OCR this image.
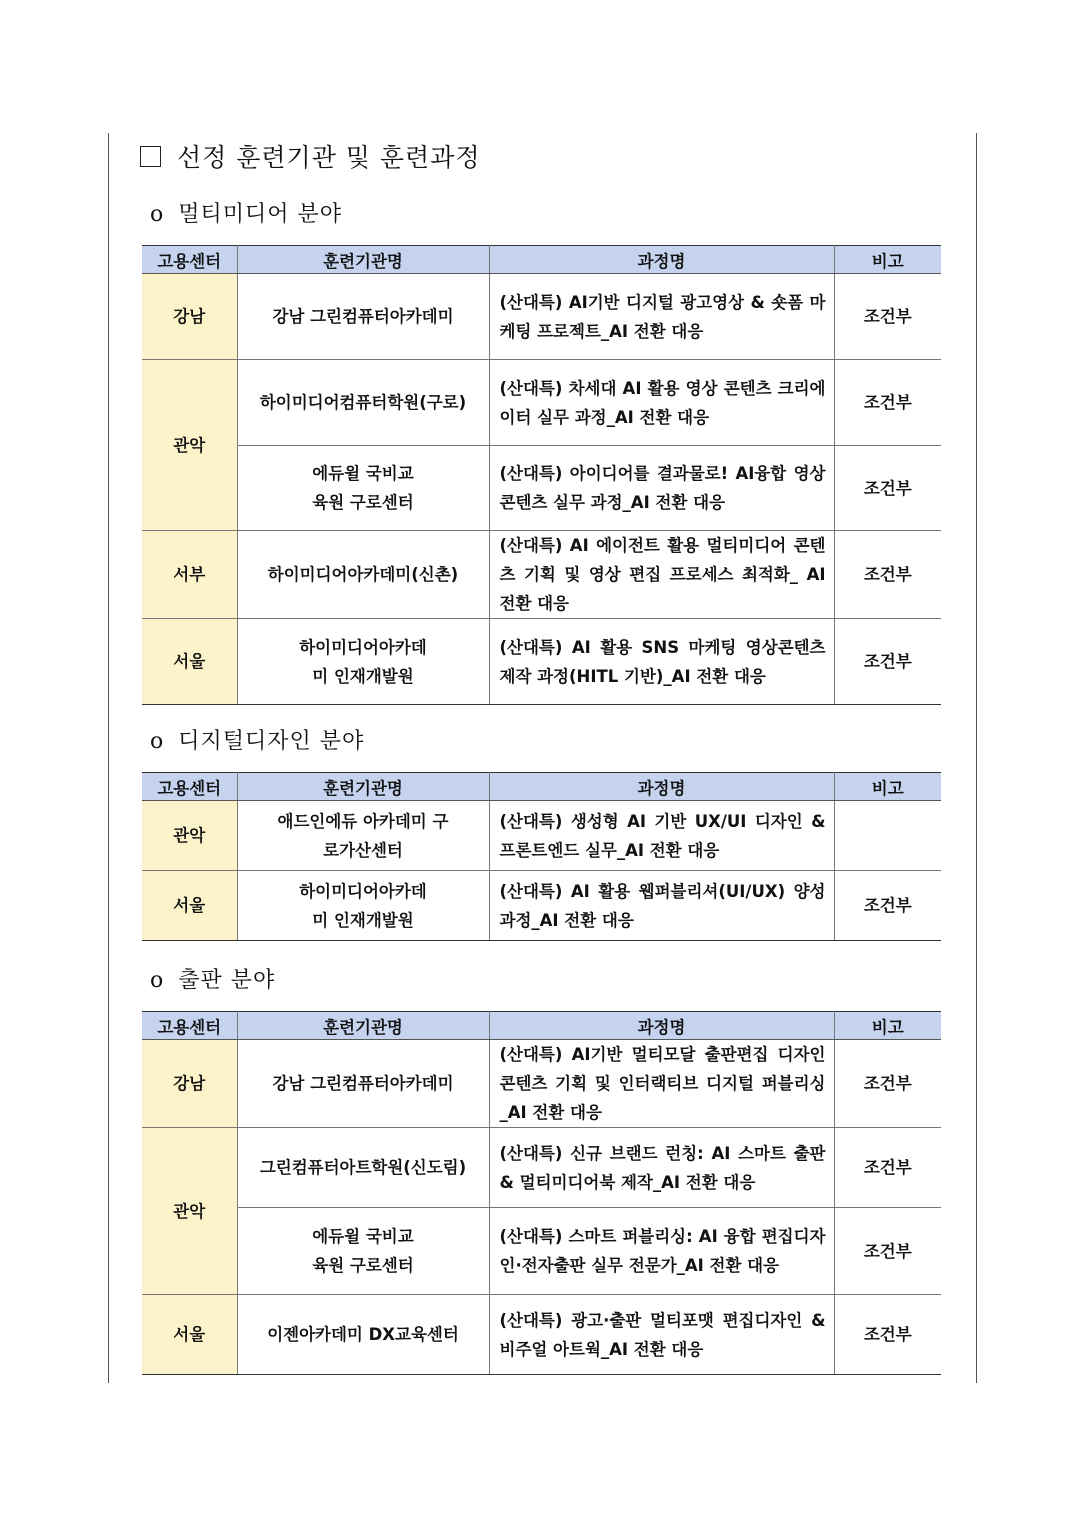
선정 훈련기관 및 훈련과정
o 멀티미디어 분야
고용센터	훈련기관명	과정명	비고
강남	강남 그린컴퓨터아카데미	(산대특) AI기반 디지털 광고영상 & 숏폼 마케팅 프로젝트_AI 전환 대응	조건부
관악	하이미디어컴퓨터학원(구로)	(산대특) 차세대 AI 활용 영상 콘텐츠 크리에이터 실무 과정_AI 전환 대응	조건부
	에듀윌 국비교육원 구로센터	(산대특) 아이디어를 결과물로! AI융합 영상콘텐츠 실무 과정_AI 전환 대응	조건부
서부	하이미디어아카데미(신촌)	(산대특) AI 에이전트 활용 멀티미디어 콘텐츠 기획 및 영상 편집 프로세스 최적화_ AI 전환 대응	조건부
서울	하이미디어아카데미 인재개발원	(산대특) AI 활용 SNS 마케팅 영상콘텐츠 제작 과정(HITL 기반)_AI 전환 대응	조건부
o 디지털디자인 분야
고용센터	훈련기관명	과정명	비고
관악	애드인에듀 아카데미 구로가산센터	(산대특) 생성형 AI 기반 UX/UI 디자인 & 프론트엔드 실무_AI 전환 대응	
서울	하이미디어아카데미 인재개발원	(산대특) AI 활용 웹퍼블리셔(UI/UX) 양성과정_AI 전환 대응	조건부
o 출판 분야
고용센터	훈련기관명	과정명	비고
강남	강남 그린컴퓨터아카데미	(산대특) AI기반 멀티모달 출판편집 디자인 콘텐츠 기획 및 인터랙티브 디지털 퍼블리싱_AI 전환 대응	조건부
관악	그린컴퓨터아트학원(신도림)	(산대특) 신규 브랜드 런칭: AI 스마트 출판 & 멀티미디어북 제작_AI 전환 대응	조건부
	에듀윌 국비교육원 구로센터	(산대특) 스마트 퍼블리싱: AI 융합 편집디자인·전자출판 실무 전문가_AI 전환 대응	조건부
서울	이젠아카데미 DX교육센터	(산대특) 광고·출판 멀티포맷 편집디자인 & 비주얼 아트웍_AI 전환 대응	조건부
